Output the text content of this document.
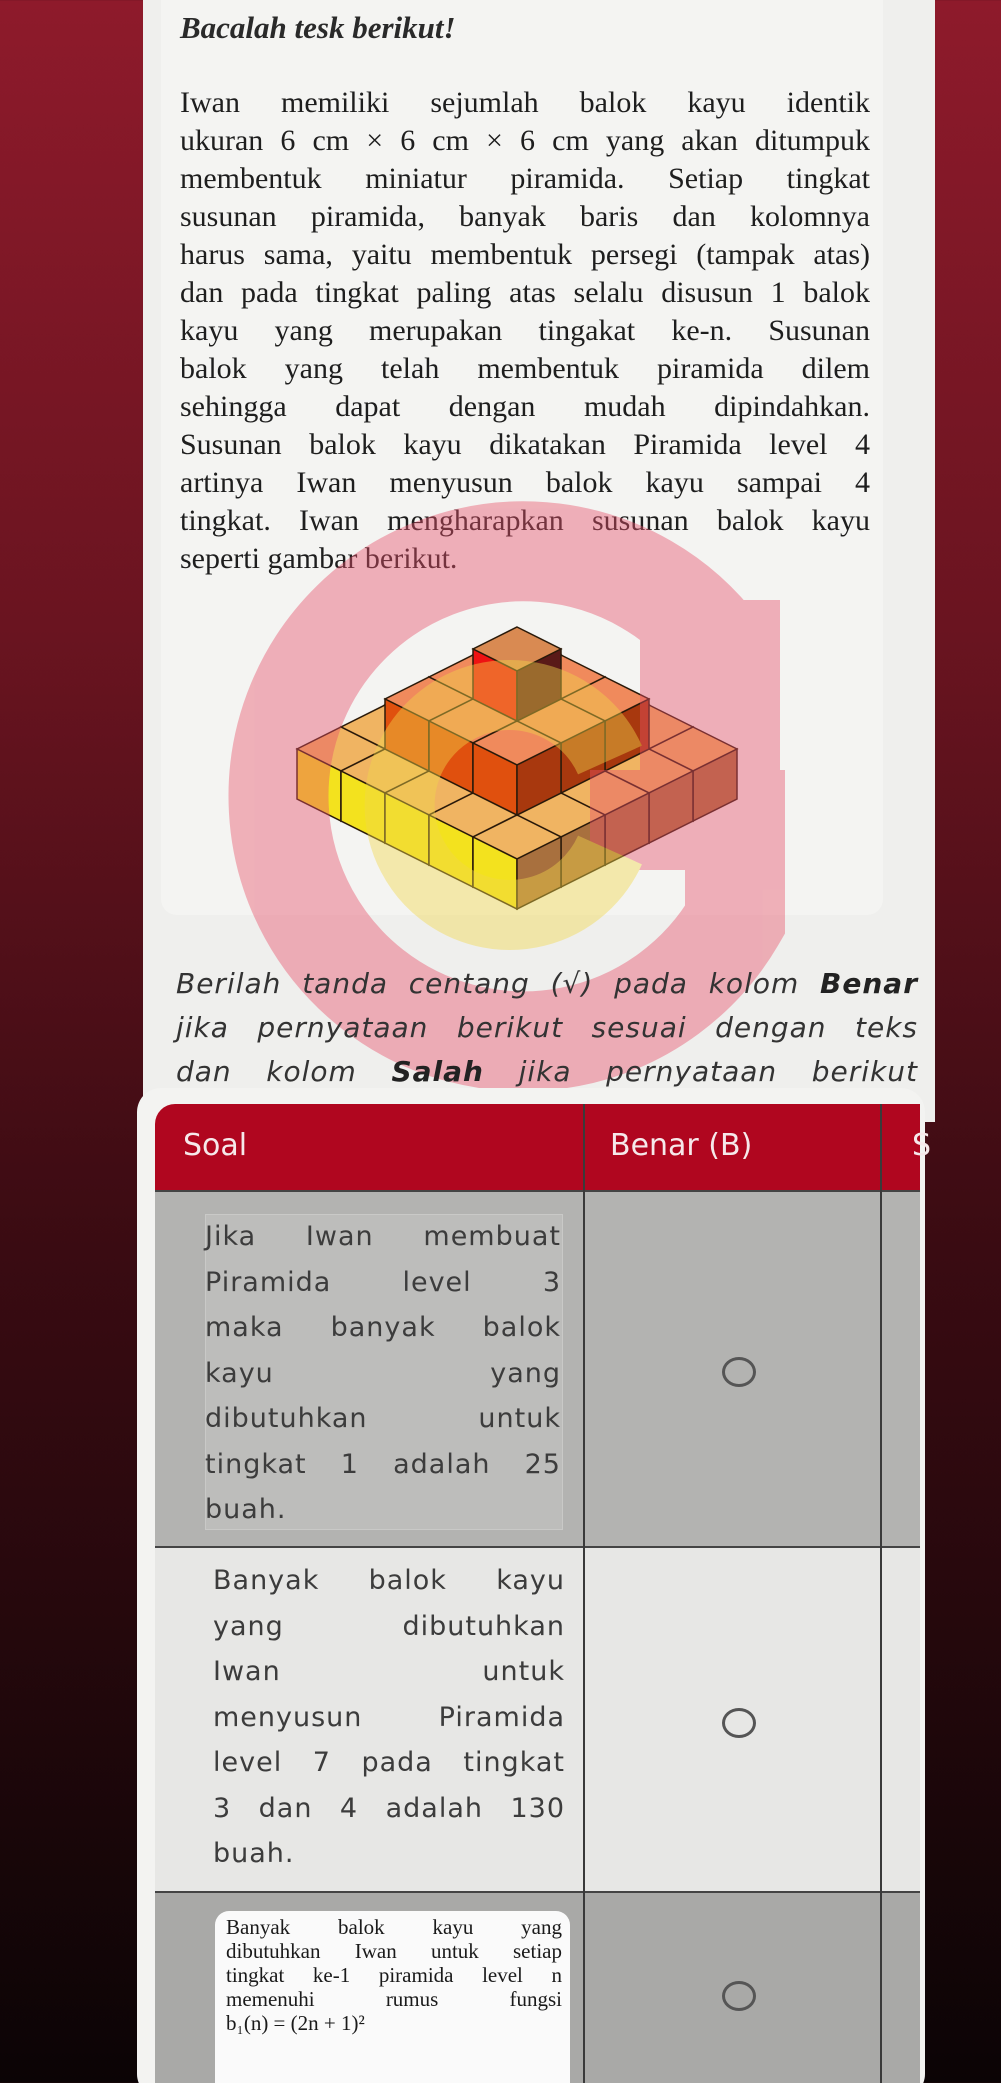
Bacalah tesk berikut!
Iwan memiliki sejumlah balok kayu identik
ukuran 6 cm × 6 cm × 6 cm yang akan ditumpuk
membentuk miniatur piramida. Setiap tingkat
susunan piramida, banyak baris dan kolomnya
harus sama, yaitu membentuk persegi (tampak atas)
dan pada tingkat paling atas selalu disusun 1 balok
kayu yang merupakan tingakat ke-n. Susunan
balok yang telah membentuk piramida dilem
sehingga dapat dengan mudah dipindahkan.
Susunan balok kayu dikatakan Piramida level 4
artinya Iwan menyusun balok kayu sampai 4
tingkat. Iwan mengharapkan susunan balok kayu
seperti gambar berikut.
Berilah tanda centang (√) pada kolom Benar
jika pernyataan berikut sesuai dengan teks
dan kolom Salah jika pernyataan berikut
Soal	Benar (B)	S
Jika Iwan membuat
Piramida level 3
maka banyak balok
kayu yang
dibutuhkan untuk
tingkat 1 adalah 25
buah.
Banyak balok kayu
yang dibutuhkan
Iwan untuk
menyusun Piramida
level 7 pada tingkat
3 dan 4 adalah 130
buah.
Banyak balok kayu yang
dibutuhkan Iwan untuk setiap
tingkat ke-1 piramida level n
memenuhi rumus fungsi
b₁(n) = (2n + 1)²
